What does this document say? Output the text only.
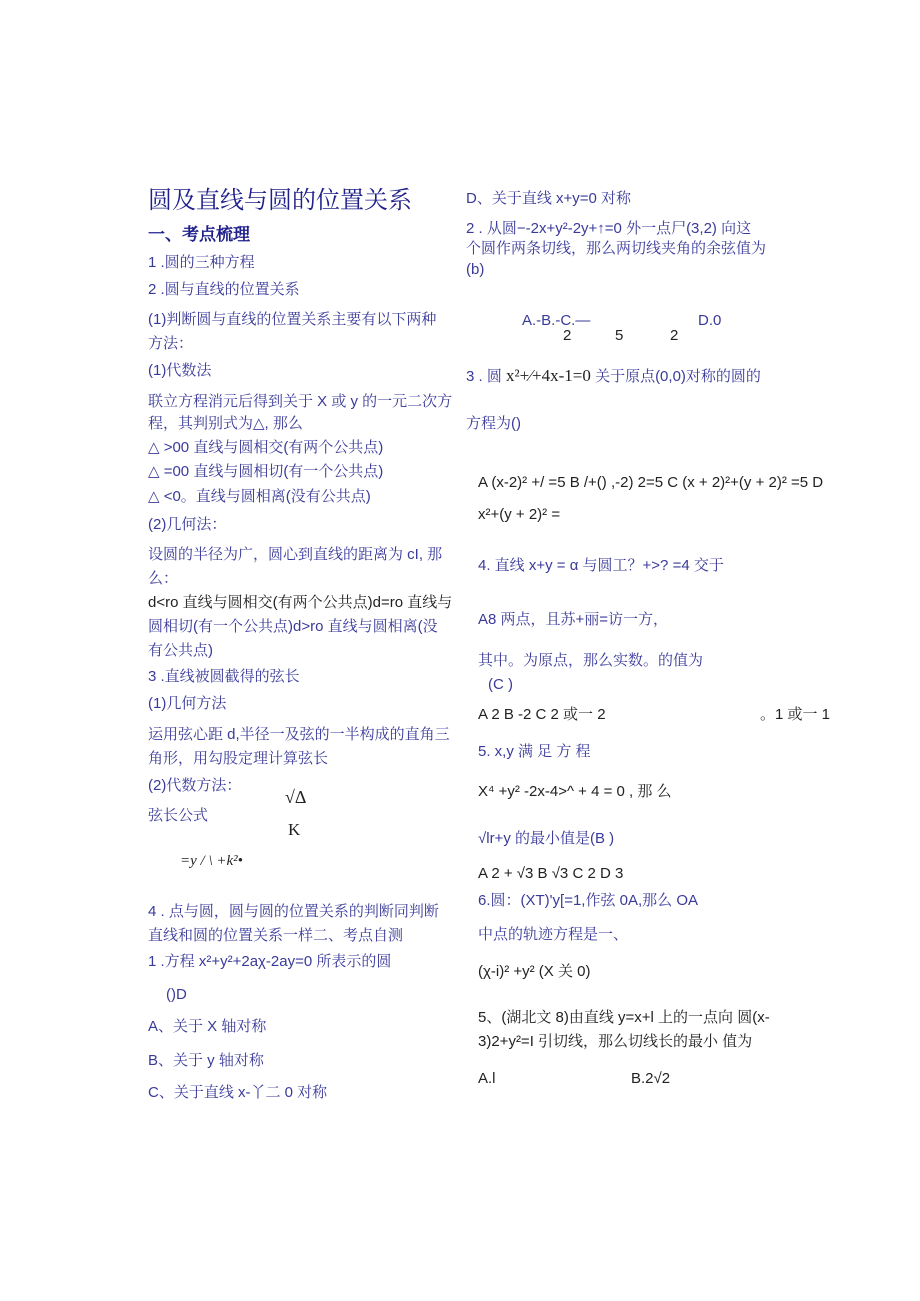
圆及直线与圆的位置关系
一、考点梳理
1 .圆的三种方程
2 .圆与直线的位置关系
(1)判断圆与直线的位置关系主要有以下两种
方法：
(1)代数法
联立方程消元后得到关于 X 或 y 的一元二次方
程，其判别式为△, 那么
△ >00 直线与圆相交(有两个公共点)
△ =00 直线与圆相切(有一个公共点)
△ <0。直线与圆相离(没有公共点)
(2)几何法：
设圆的半径为广，圆心到直线的距离为 cI, 那
么：
d<ro 直线与圆相交(有两个公共点)d=ro 直线与
圆相切(有一个公共点)d>ro 直线与圆相离(没
有公共点)
3 .直线被圆截得的弦长
(1)几何方法
运用弦心距 d,半径一及弦的一半构成的直角三
角形，用勾股定理计算弦长
(2)代数方法：
√Δ
弦长公式
K
=y / \ +k²•
4 . 点与圆，圆与圆的位置关系的判断同判断
直线和圆的位置关系一样二、考点自测
1 .方程 x²+y²+2aχ-2ay=0 所表示的圆
()D
A、关于 X 轴对称
B、关于 y 轴对称
C、关于直线 x-丫二 0 对称
D、关于直线 x+y=0 对称
2 . 从圆−-2x+y²-2y+↑=0 外一点尸(3,2) 向这
个圆作两条切线，那么两切线夹角的余弦值为
(b)
A.-B.-C.—	D.0
2	5	2
3 . 圆 x²+⁄+4x-1=0 关于原点(0,0)对称的圆的
方程为()
A (x-2)² +/ =5 B /+() ,-2) 2=5 C (x + 2)²+(y + 2)² =5 D
x²+(y + 2)² =
4. 直线 x+y = α 与圆工？+>? =4 交于
A8 两点，且苏+丽=访一方，
其中。为原点，那么实数。的值为
(C )
A 2 B -2 C 2 或一 2	。1 或一 1
5. x,y 满 足 方 程
X⁴ +y² -2x-4>^ + 4 = 0 , 那 么
√lr+y 的最小值是(B )
A 2 + √3 B √3 C 2 D 3
6.圆：(XT)'y[=1,作弦 0A,那么 OA
中点的轨迹方程是一、
(χ-i)² +y² (X 关 0)
5、(湖北文 8)由直线 y=x+l 上的一点向 圆(x-
3)2+y²=I 引切线，那么切线长的最小 值为
A.l	B.2√2
